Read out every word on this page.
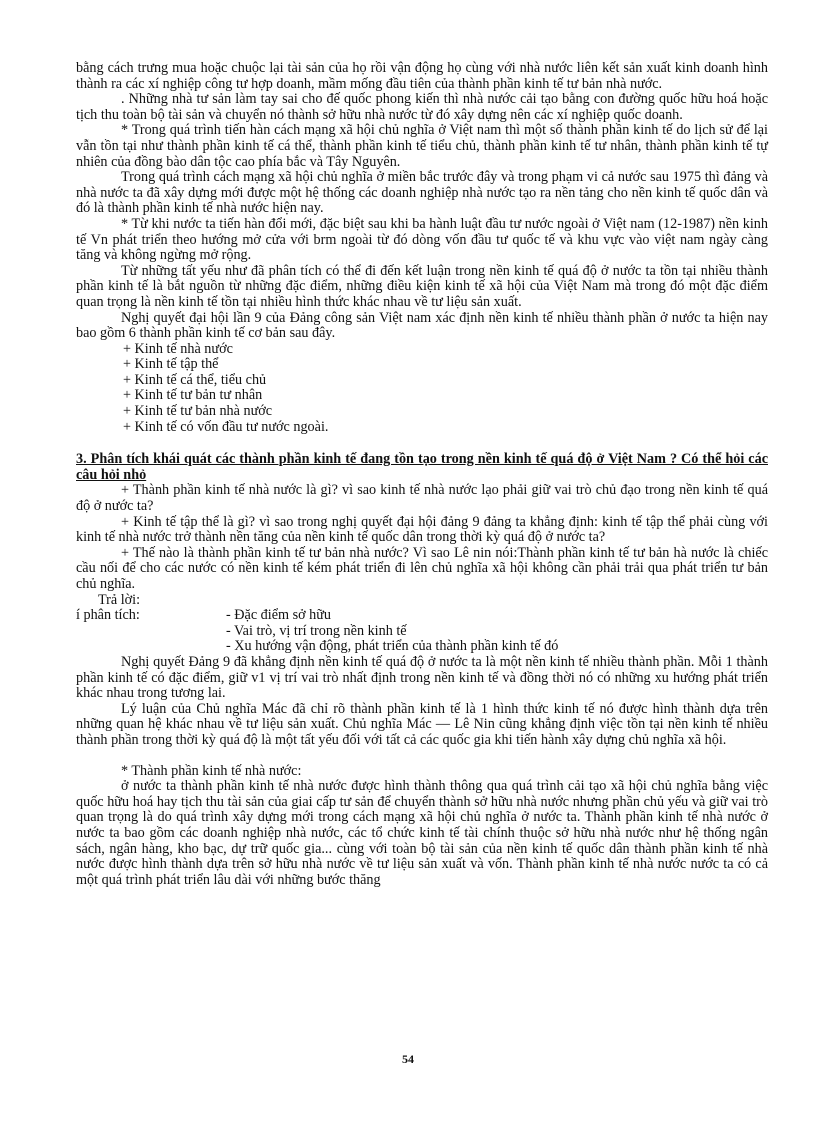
bằng cách trưng mua hoặc chuộc lại tài sản của họ rồi vận động họ cùng với nhà nước liên kết sản xuất kinh doanh hình thành ra các xí nghiệp công tư hợp doanh, mầm mống đầu tiên của thành phần kinh tế tư bản nhà nước.

. Những nhà tư sản làm tay sai cho đế quốc phong kiến thì nhà nước cải tạo bằng con đường quốc hữu hoá hoặc tịch thu toàn bộ tài sản và chuyển nó thành sở hữu nhà nước từ đó xây dựng nên các xí nghiệp quốc doanh.

* Trong quá trình tiến hàn cách mạng xã hội chủ nghĩa ở Việt nam thì một số thành phần kinh tế do lịch sử để lại vẫn tồn tại như thành phần kinh tế cá thể, thành phần kinh tế tiểu chủ, thành phần kinh tế tư nhân, thành phần kinh tế tự nhiên của đồng bào dân tộc cao phía bắc và Tây Nguyên.

Trong quá trình cách mạng xã hội chủ nghĩa ở miền bắc trước đây và trong phạm vi cả nước sau 1975 thì đảng và nhà nước ta đã xây dựng mới được một hệ thống các doanh nghiệp nhà nước tạo ra nền tảng cho nền kinh tế quốc dân và đó là thành phần kinh tế nhà nước hiện nay.

* Từ khi nước ta tiến hàn đổi mới, đặc biệt sau khi ba hành luật đầu tư nước ngoài ở Việt nam (12-1987) nền kinh tế Vn phát triển theo hướng mở cửa với brm ngoài từ đó dòng vốn đầu tư quốc tế và khu vực vào việt nam ngày càng tăng và không ngừng mở rộng.

Từ những tất yếu như đã phân tích có thể đi đến kết luận trong nền kinh tế quá độ ở nước ta tồn tại nhiều thành phần kinh tế là bắt nguồn từ những đặc điểm, những điều kiện kinh tế xã hội của Việt Nam mà trong đó một đặc điểm quan trọng là nền kinh tế tồn tại nhiều hình thức khác nhau về tư liệu sản xuất.

Nghị quyết đại hội lần 9 của Đảng công sản Việt nam xác định nền kinh tế nhiều thành phần ở nước ta hiện nay bao gồm 6 thành phần kinh tế cơ bản sau đây.

+ Kinh tế nhà nước
+ Kinh tế tập thể
+ Kinh tế cá thể, tiểu chủ
+ Kinh tế tư bản tư nhân
+ Kinh tế tư bản nhà nước
+ Kinh tế có vốn đầu tư nước ngoài.

3. Phân tích khái quát các thành phần kinh tế đang tồn tạo trong nền kinh tế quá độ ở Việt Nam ? Có thể hỏi các câu hỏi nhỏ

+ Thành phần kinh tế nhà nước là gì? vì sao kinh tế nhà nước lạo phải giữ vai trò chủ đạo trong nền kinh tế quá độ ở nước ta?

+ Kinh tế tập thể là gì? vì sao trong nghị quyết đại hội đảng 9 đảng ta khẳng định: kinh tế tập thể phải cùng với kinh tế nhà nước trở thành nền tăng của nền kinh tế quốc dân trong thời kỳ quá độ ở nước ta?

+ Thế nào là thành phần kinh tế tư bản nhà nước? Vì sao Lê nin nói:Thành phần kinh tế tư bản hà nước là chiếc cầu nối để cho các nước có nền kinh tế kém phát triển đi lên chủ nghĩa xã hội không cần phải trải qua phát triển tư bản chủ nghĩa.

Trả lời:

í phân tích:	- Đặc điểm sở hữu
- Vai trò, vị trí trong nền kinh tế
- Xu hướng vận động, phát triển của thành phần kinh tế đó

Nghị quyết Đảng 9 đã khẳng định nền kinh tế quá độ ở nước ta là một nền kinh tế nhiều thành phần. Mỗi 1 thành phần kinh tế có đặc điểm, giữ v1 vị trí vai trò nhất định trong nền kinh tế và đồng thời nó có những xu hướng phát triển khác nhau trong tương lai.

Lý luận của Chủ nghĩa Mác đã chỉ rõ thành phần kinh tế là 1 hình thức kinh tế nó được hình thành dựa trên những quan hệ khác nhau về tư liệu sản xuất. Chủ nghĩa Mác — Lê Nin cũng khẳng định việc tồn tại nền kinh tế nhiều thành phần trong thời kỳ quá độ là một tất yếu đối với tất cả các quốc gia khi tiến hành xây dựng chủ nghĩa xã hội.

* Thành phần kinh tế nhà nước:

ở nước ta thành phần kinh tế nhà nước được hình thành thông qua quá trình cải tạo xã hội chủ nghĩa bằng việc quốc hữu hoá hay tịch thu tài sản của giai cấp tư sản để chuyển thành sở hữu nhà nước nhưng phần chủ yếu và giữ vai trò quan trọng là do quá trình xây dựng mới trong cách mạng xã hội chủ nghĩa ở nước ta. Thành phần kinh tế nhà nước ở nước ta bao gồm các doanh nghiệp nhà nước, các tổ chức kinh tế tài chính thuộc sở hữu nhà nước như hệ thống ngân sách, ngân hàng, kho bạc, dự trữ quốc gia... cùng với toàn bộ tài sản của nền kinh tế quốc dân thành phần kinh tế nhà nước được hình thành dựa trên sở hữu nhà nước về tư liệu sản xuất và vốn. Thành phần kinh tế nhà nước nước ta có cả một quá trình phát triển lâu dài với những bước thăng

54
